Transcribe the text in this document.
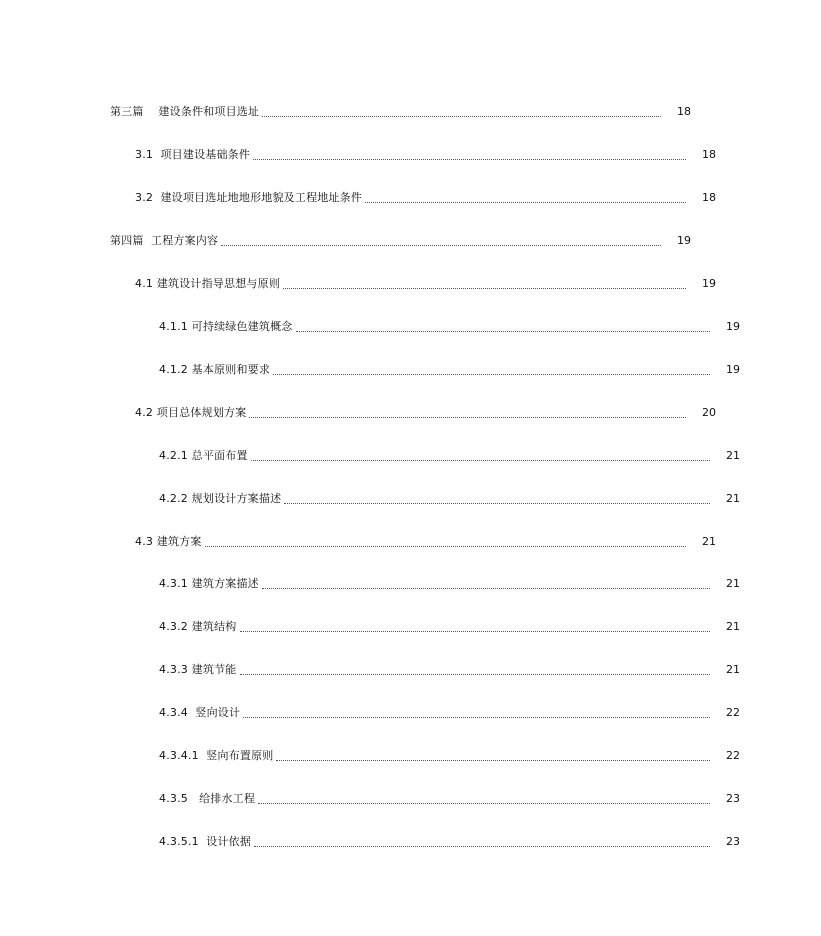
第三篇    建设条件和项目选址	18
3.1  项目建设基础条件	18
3.2  建设项目选址地地形地貌及工程地址条件	18
第四篇  工程方案内容	19
4.1 建筑设计指导思想与原则	19
4.1.1 可持续绿色建筑概念	19
4.1.2 基本原则和要求	19
4.2 项目总体规划方案	20
4.2.1 总平面布置	21
4.2.2 规划设计方案描述	21
4.3 建筑方案	21
4.3.1 建筑方案描述	21
4.3.2 建筑结构	21
4.3.3 建筑节能	21
4.3.4  竖向设计	22
4.3.4.1  竖向布置原则	22
4.3.5   给排水工程	23
4.3.5.1  设计依据	23
